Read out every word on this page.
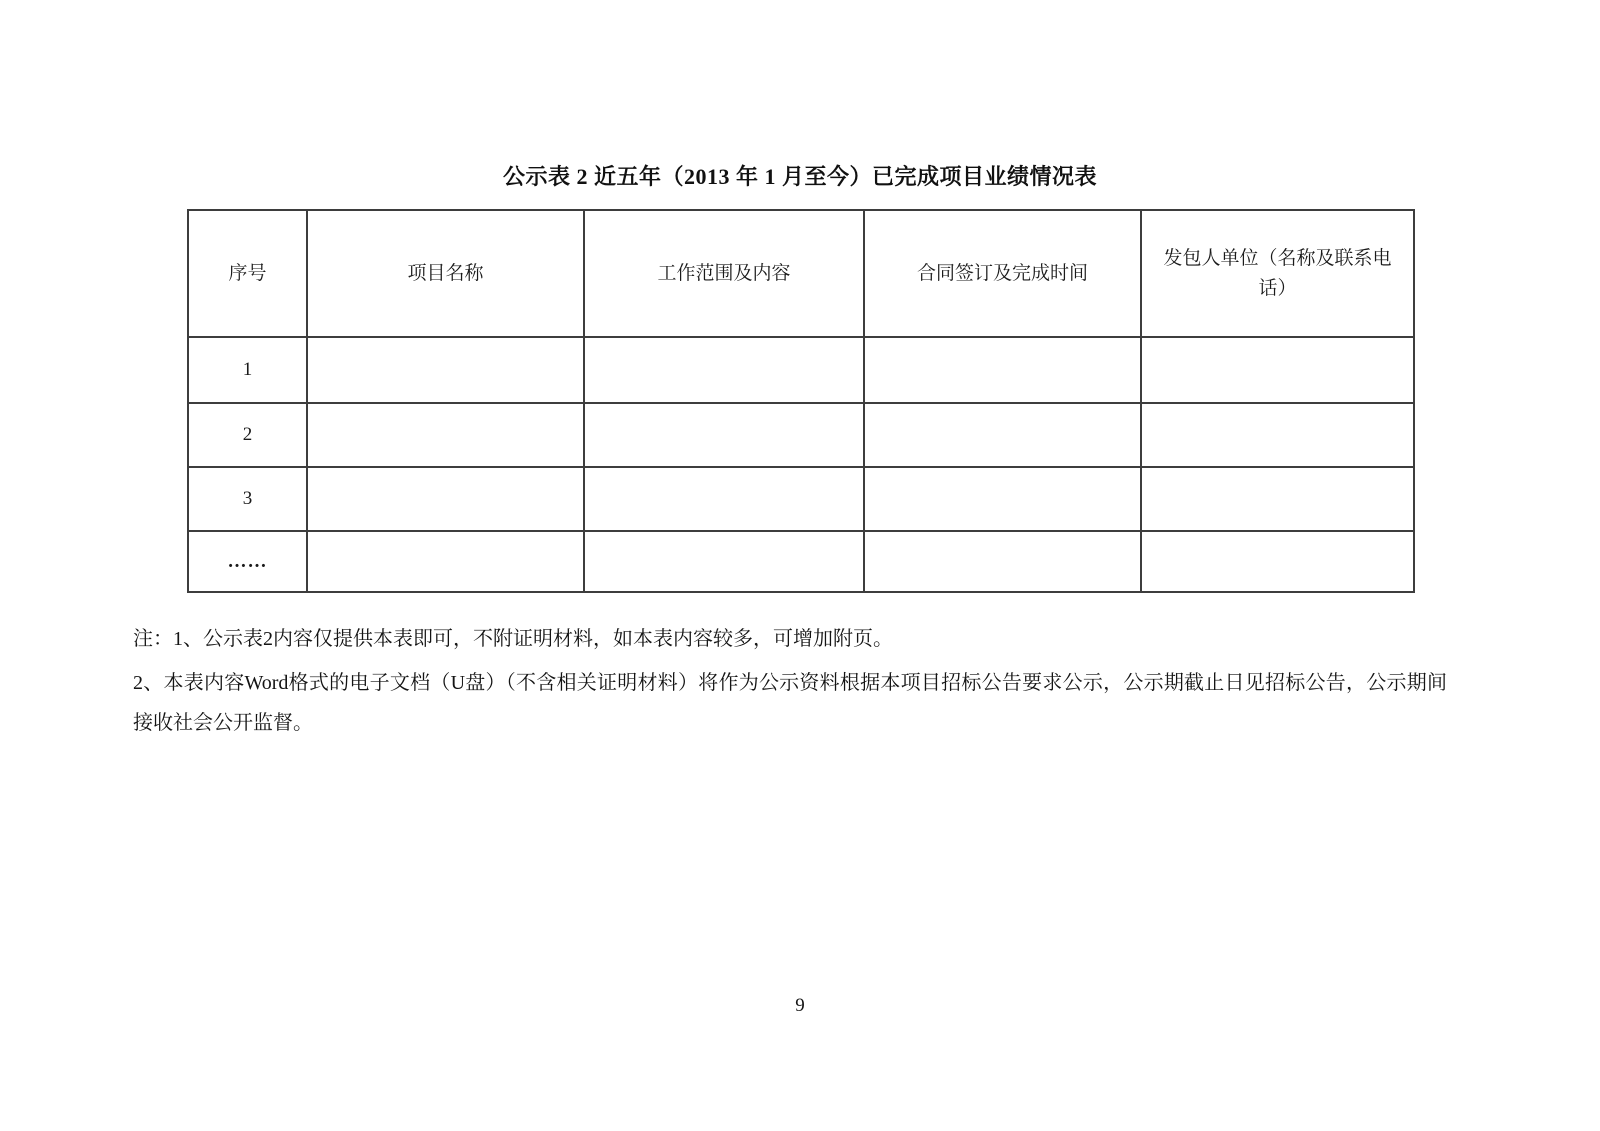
公示表 2 近五年（2013 年 1 月至今）已完成项目业绩情况表
序号	项目名称	工作范围及内容	合同签订及完成时间	发包人单位（名称及联系电话）
1				
2				
3				
……				

注：1、公示表2内容仅提供本表即可，不附证明材料，如本表内容较多，可增加附页。

2、本表内容Word格式的电子文档（U盘）（不含相关证明材料）将作为公示资料根据本项目招标公告要求公示，公示期截止日见招标公告，公示期间接收社会公开监督。

9
